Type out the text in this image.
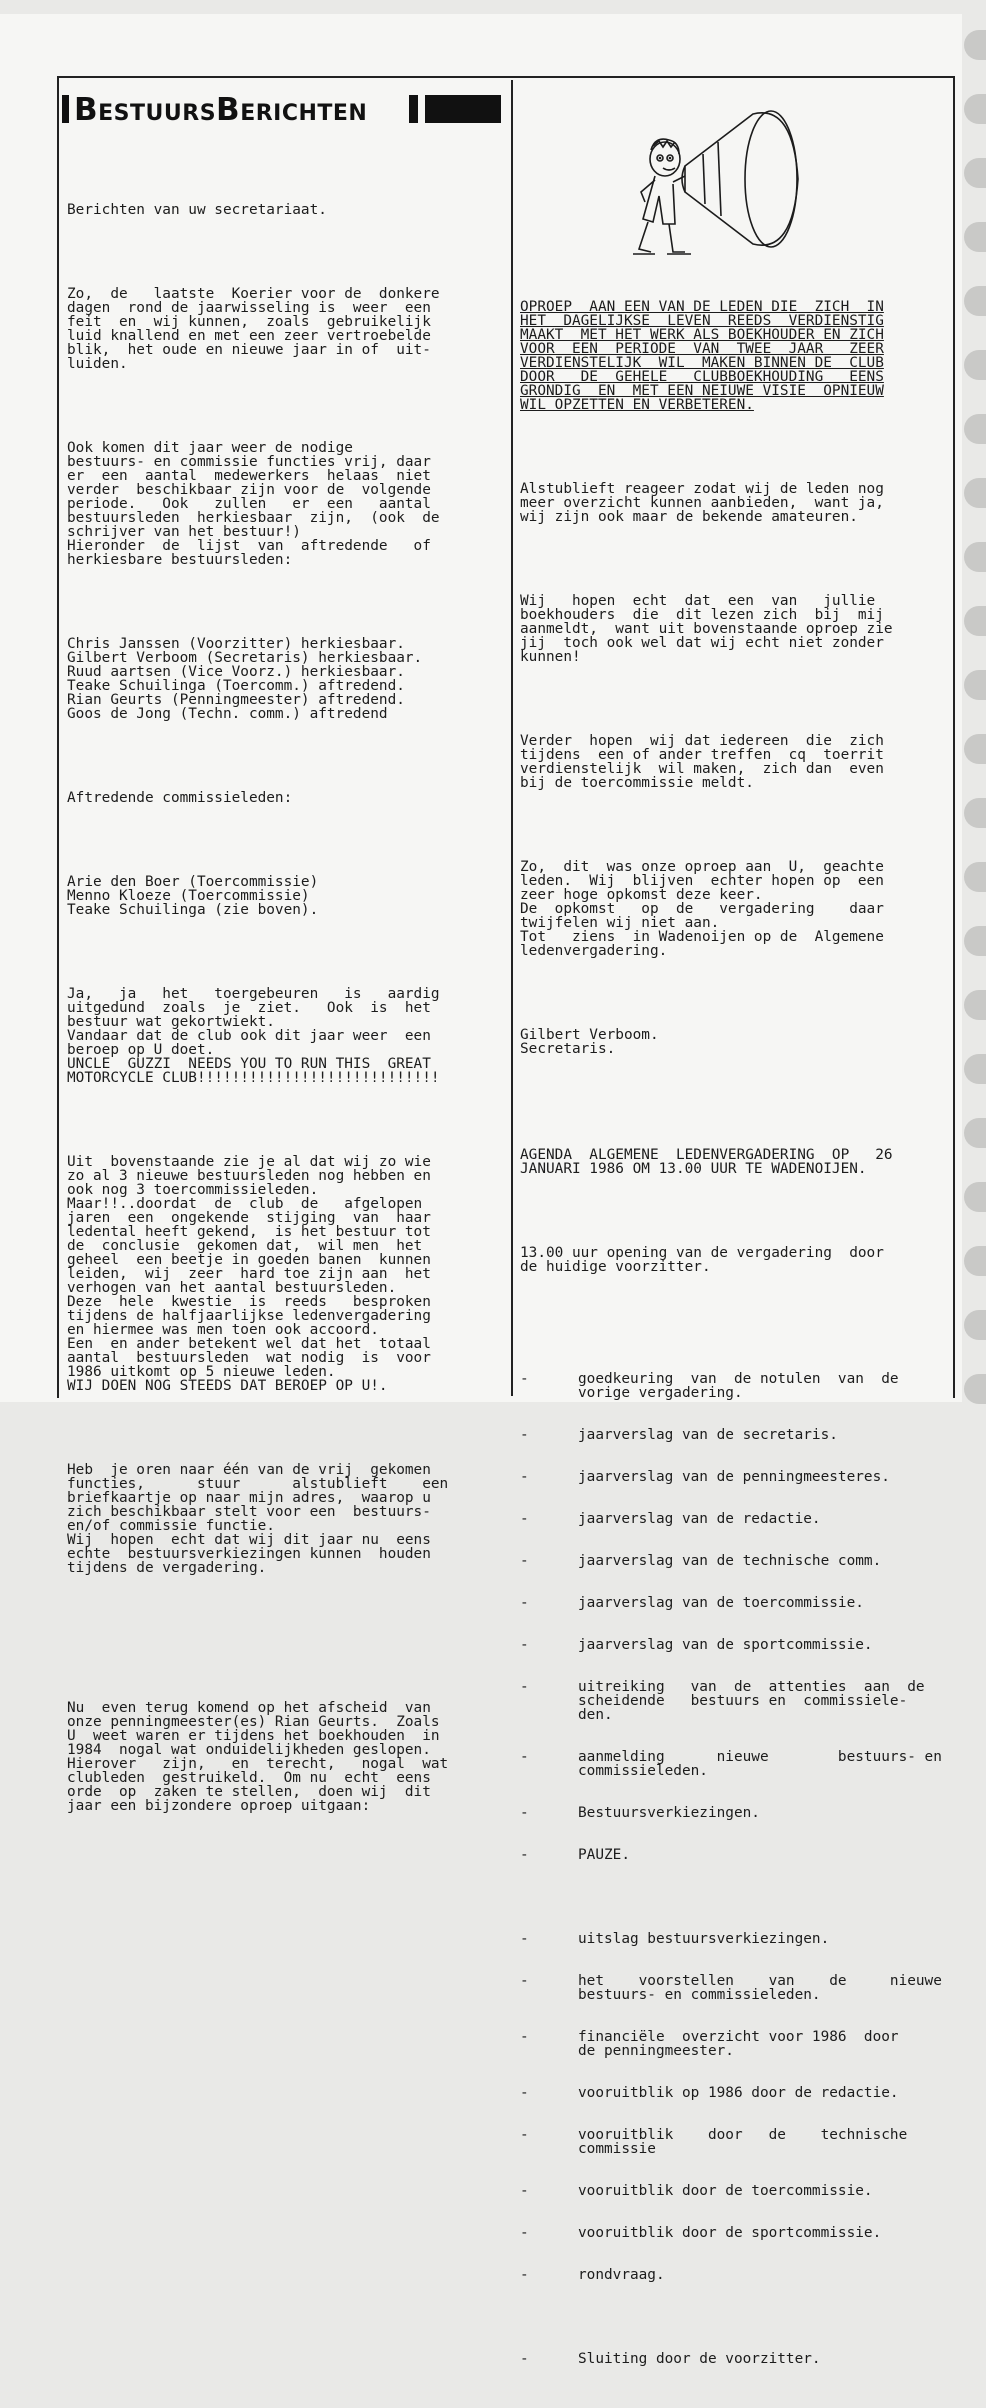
BESTUURSBERICHTEN

Berichten van uw secretariaat.

Zo,  de   laatste  Koerier voor de  donkere
dagen  rond de jaarwisseling is  weer  een
feit  en  wij kunnen,  zoals  gebruikelijk
luid knallend en met een zeer vertroebelde
blik,  het oude en nieuwe jaar in of  uit-
luiden.

Ook komen dit jaar weer de nodige
bestuurs- en commissie functies vrij, daar
er  een  aantal  medewerkers  helaas  niet
verder  beschikbaar zijn voor de  volgende
periode.   Ook   zullen   er  een   aantal
bestuursleden  herkiesbaar  zijn,  (ook  de
schrijver van het bestuur!)
Hieronder  de  lijst  van  aftredende   of
herkiesbare bestuursleden:

Chris Janssen (Voorzitter) herkiesbaar.
Gilbert Verboom (Secretaris) herkiesbaar.
Ruud aartsen (Vice Voorz.) herkiesbaar.
Teake Schuilinga (Toercomm.) aftredend.
Rian Geurts (Penningmeester) aftredend.
Goos de Jong (Techn. comm.) aftredend

Aftredende commissieleden:

Arie den Boer (Toercommissie)
Menno Kloeze (Toercommissie)
Teake Schuilinga (zie boven).

Ja,   ja   het   toergebeuren   is   aardig
uitgedund  zoals  je  ziet.   Ook  is  het
bestuur wat gekortwiekt.
Vandaar dat de club ook dit jaar weer  een
beroep op U doet.
UNCLE  GUZZI  NEEDS YOU TO RUN THIS  GREAT
MOTORCYCLE CLUB!!!!!!!!!!!!!!!!!!!!!!!!!!!!

Uit  bovenstaande zie je al dat wij zo wie
zo al 3 nieuwe bestuursleden nog hebben en
ook nog 3 toercommissieleden.
Maar!!..doordat  de  club  de   afgelopen
jaren  een  ongekende  stijging  van  haar
ledental heeft gekend,  is het bestuur tot
de  conclusie  gekomen dat,  wil men  het
geheel  een beetje in goeden banen  kunnen
leiden,  wij  zeer  hard toe zijn aan  het
verhogen van het aantal bestuursleden.
Deze  hele  kwestie  is  reeds   besproken
tijdens de halfjaarlijkse ledenvergadering
en hiermee was men toen ook accoord.
Een  en ander betekent wel dat het  totaal
aantal  bestuursleden  wat nodig  is  voor
1986 uitkomt op 5 nieuwe leden.
WIJ DOEN NOG STEEDS DAT BEROEP OP U!.

Heb  je oren naar één van de vrij  gekomen
functies,      stuur      alstublieft    een
briefkaartje op naar mijn adres,  waarop u
zich beschikbaar stelt voor een  bestuurs-
en/of commissie functie.
Wij  hopen  echt dat wij dit jaar nu  eens
echte  bestuursverkiezingen kunnen  houden
tijdens de vergadering.

Nu  even terug komend op het afscheid  van
onze penningmeester(es) Rian Geurts.  Zoals
U  weet waren er tijdens het boekhouden  in
1984  nogal wat onduidelijkheden geslopen.
Hierover   zijn,   en  terecht,   nogal  wat
clubleden  gestruikeld.  Om nu  echt  eens
orde  op  zaken te stellen,  doen wij  dit
jaar een bijzondere oproep uitgaan:

OPROEP  AAN EEN VAN DE LEDEN DIE  ZICH  IN
HET  DAGELIJKSE  LEVEN  REEDS  VERDIENSTIG
MAAKT  MET HET WERK ALS BOEKHOUDER EN ZICH
VOOR  EEN  PERIODE  VAN  TWEE  JAAR   ZEER
VERDIENSTELIJK  WIL  MAKEN BINNEN DE  CLUB
DOOR   DE  GEHELE   CLUBBOEKHOUDING   EENS
GRONDIG  EN  MET EEN NEIUWE VISIE  OPNIEUW
WIL OPZETTEN EN VERBETEREN.

Alstublieft reageer zodat wij de leden nog
meer overzicht kunnen aanbieden,  want ja,
wij zijn ook maar de bekende amateuren.

Wij   hopen  echt  dat  een  van   jullie
boekhouders  die  dit lezen zich  bij  mij
aanmeldt,  want uit bovenstaande oproep zie
jij  toch ook wel dat wij echt niet zonder
kunnen!

Verder  hopen  wij dat iedereen  die  zich
tijdens  een of ander treffen  cq  toerrit
verdienstelijk  wil maken,  zich dan  even
bij de toercommissie meldt.

Zo,  dit  was onze oproep aan  U,  geachte
leden.  Wij  blijven  echter hopen op  een
zeer hoge opkomst deze keer.
De  opkomst   op  de   vergadering    daar
twijfelen wij niet aan.
Tot   ziens  in Wadenoijen op de  Algemene
ledenvergadering.

Gilbert Verboom.
Secretaris.

AGENDA  ALGEMENE  LEDENVERGADERING  OP   26
JANUARI 1986 OM 13.00 UUR TE WADENOIJEN.

13.00 uur opening van de vergadering  door
de huidige voorzitter.

-	goedkeuring  van  de notulen  van  de
vorige vergadering.

-	jaarverslag van de secretaris.

-	jaarverslag van de penningmeesteres.

-	jaarverslag van de redactie.

-	jaarverslag van de technische comm.

-	jaarverslag van de toercommissie.

-	jaarverslag van de sportcommissie.

-	uitreiking   van  de  attenties  aan  de
scheidende   bestuurs en  commissiele-
den.

-	aanmelding      nieuwe        bestuurs- en
commissieleden.

-	Bestuursverkiezingen.

-	PAUZE.

-	uitslag bestuursverkiezingen.

-	het    voorstellen    van    de     nieuwe
bestuurs- en commissieleden.

-	financiële  overzicht voor 1986  door
de penningmeester.

-	vooruitblik op 1986 door de redactie.

-	vooruitblik    door   de    technische
commissie

-	vooruitblik door de toercommissie.

-	vooruitblik door de sportcommissie.

-	rondvraag.

-	Sluiting door de voorzitter.
